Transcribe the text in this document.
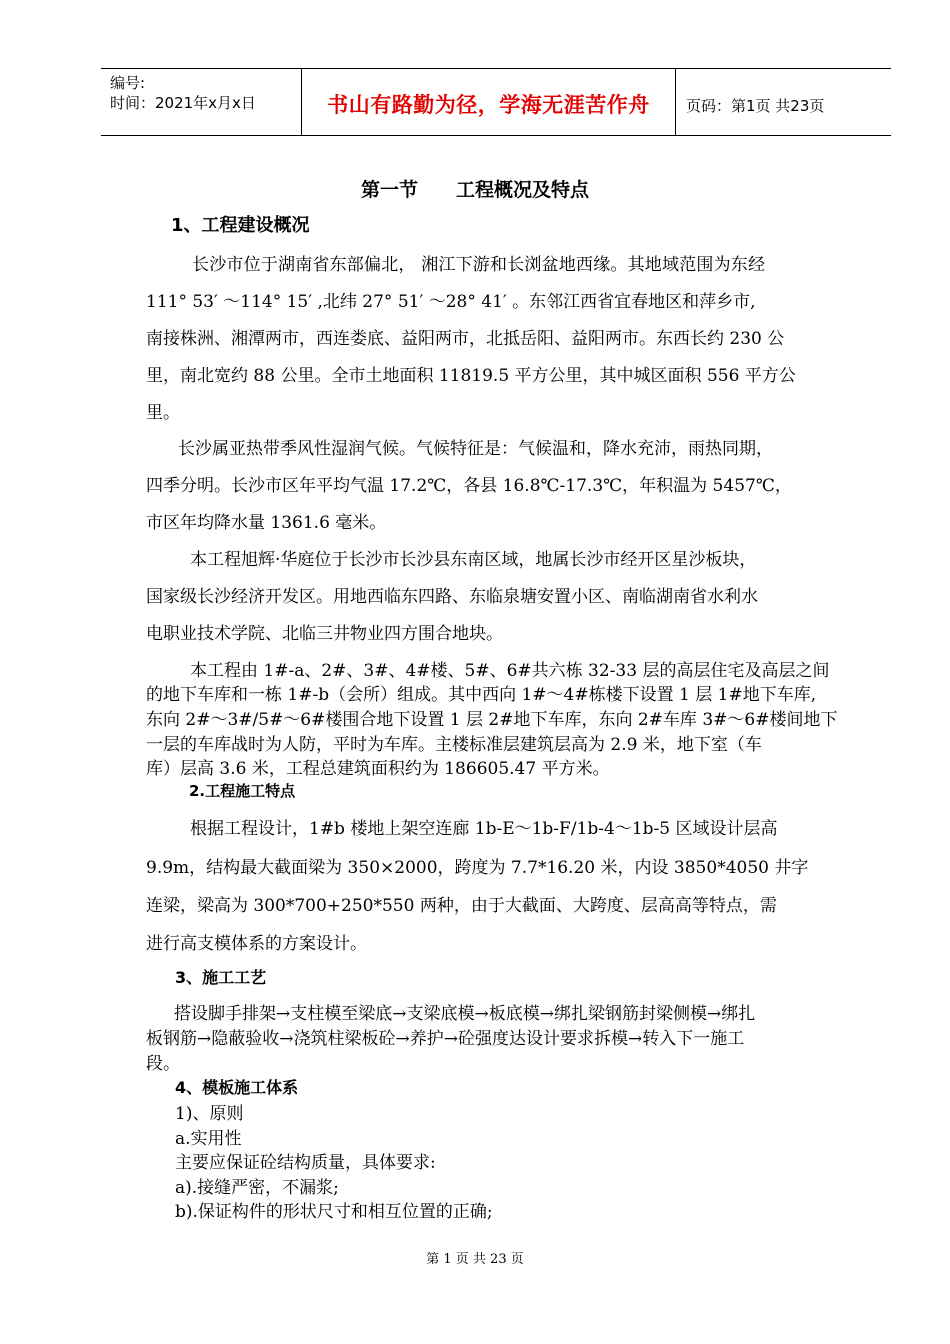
编号:
时间：2021年x月x日	书山有路勤为径，学海无涯苦作舟	页码：第1页 共23页
第一节　　工程概况及特点
1、工程建设概况
长沙市位于湖南省东部偏北， 湘江下游和长浏盆地西缘。其地域范围为东经
111° 53′ ～114° 15′ ,北纬 27° 51′ ～28° 41′ 。东邻江西省宜春地区和萍乡市,
南接株洲、湘潭两市，西连娄底、益阳两市，北抵岳阳、益阳两市。东西长约 230 公
里，南北宽约 88 公里。全市土地面积 11819.5 平方公里，其中城区面积 556 平方公
里。
长沙属亚热带季风性湿润气候。气候特征是：气候温和，降水充沛，雨热同期，
四季分明。长沙市区年平均气温 17.2℃，各县 16.8℃-17.3℃，年积温为 5457℃，
市区年均降水量 1361.6 毫米。
本工程旭辉·华庭位于长沙市长沙县东南区域，地属长沙市经开区星沙板块，
国家级长沙经济开发区。用地西临东四路、东临泉塘安置小区、南临湖南省水利水
电职业技术学院、北临三井物业四方围合地块。
本工程由 1#-a、2#、3#、4#楼、5#、6#共六栋 32-33 层的高层住宅及高层之间
的地下车库和一栋 1#-b（会所）组成。其中西向 1#～4#栋楼下设置 1 层 1#地下车库,
东向 2#～3#/5#～6#楼围合地下设置 1 层 2#地下车库，东向 2#车库 3#～6#楼间地下
一层的车库战时为人防，平时为车库。主楼标准层建筑层高为 2.9 米，地下室（车
库）层高 3.6 米，工程总建筑面积约为 186605.47 平方米。
2.工程施工特点
根据工程设计，1#b 楼地上架空连廊 1b-E～1b-F/1b-4～1b-5 区域设计层高
9.9m，结构最大截面梁为 350×2000，跨度为 7.7*16.20 米，内设 3850*4050 井字
连梁，梁高为 300*700+250*550 两种，由于大截面、大跨度、层高高等特点，需
进行高支模体系的方案设计。
3、施工工艺
搭设脚手排架→支柱模至梁底→支梁底模→板底模→绑扎梁钢筋封梁侧模→绑扎
板钢筋→隐蔽验收→浇筑柱梁板砼→养护→砼强度达设计要求拆模→转入下一施工
段。
4、模板施工体系
1)、原则
a.实用性
主要应保证砼结构质量，具体要求:
a).接缝严密，不漏浆;
b).保证构件的形状尺寸和相互位置的正确;
第 1 页 共 23 页
